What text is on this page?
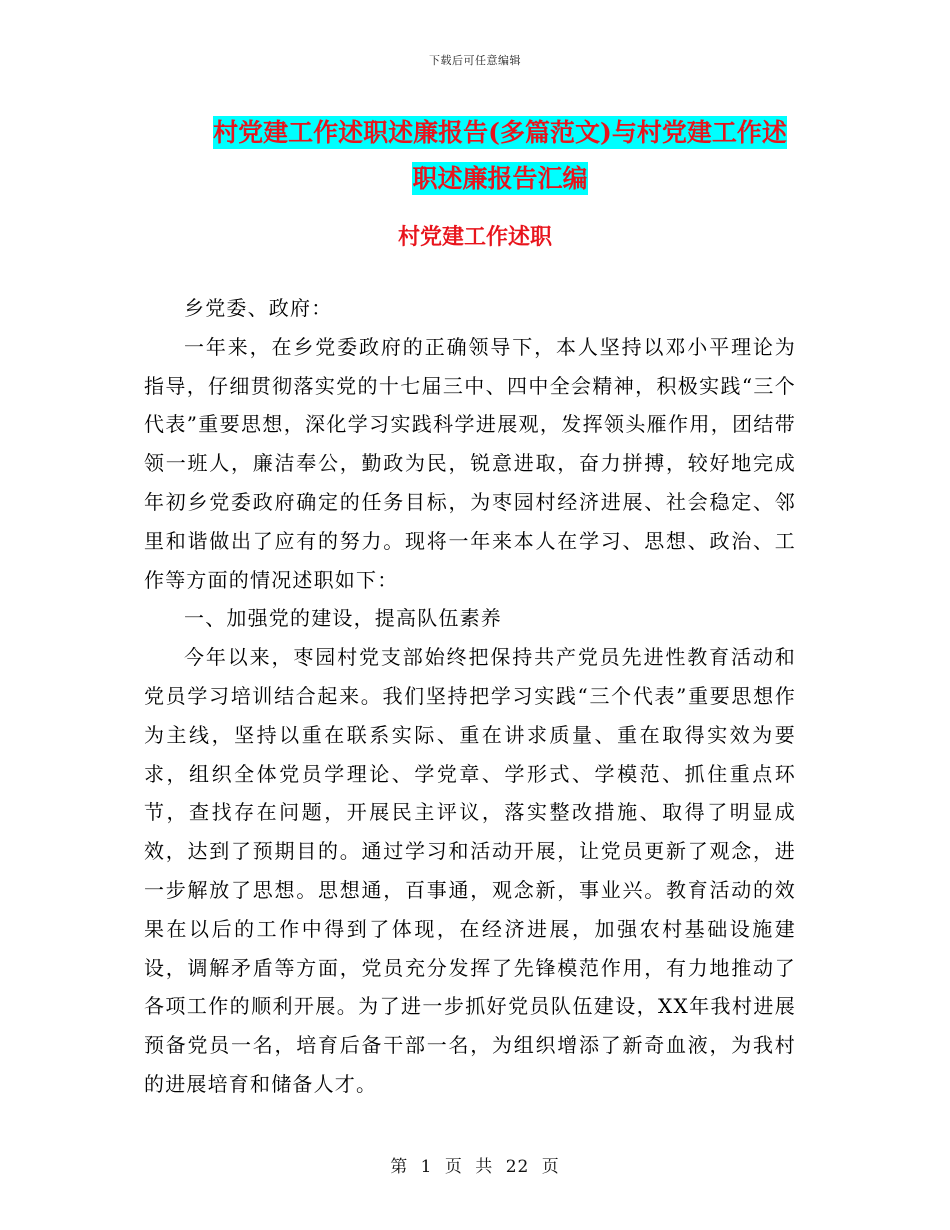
下载后可任意编辑
村党建工作述职述廉报告(多篇范文)与村党建工作述
职述廉报告汇编
村党建工作述职

乡党委、政府：

一年来，在乡党委政府的正确领导下，本人坚持以邓小平理论为指导，仔细贯彻落实党的十七届三中、四中全会精神，积极实践“三个代表”重要思想，深化学习实践科学进展观，发挥领头雁作用，团结带领一班人，廉洁奉公，勤政为民，锐意进取，奋力拼搏，较好地完成年初乡党委政府确定的任务目标，为枣园村经济进展、社会稳定、邻里和谐做出了应有的努力。现将一年来本人在学习、思想、政治、工作等方面的情况述职如下：

一、加强党的建设，提高队伍素养

今年以来，枣园村党支部始终把保持共产党员先进性教育活动和党员学习培训结合起来。我们坚持把学习实践“三个代表”重要思想作为主线，坚持以重在联系实际、重在讲求质量、重在取得实效为要求，组织全体党员学理论、学党章、学形式、学模范、抓住重点环节，查找存在问题，开展民主评议，落实整改措施、取得了明显成效，达到了预期目的。通过学习和活动开展，让党员更新了观念，进一步解放了思想。思想通，百事通，观念新，事业兴。教育活动的效果在以后的工作中得到了体现，在经济进展，加强农村基础设施建设，调解矛盾等方面，党员充分发挥了先锋模范作用，有力地推动了各项工作的顺利开展。为了进一步抓好党员队伍建设，XX年我村进展预备党员一名，培育后备干部一名，为组织增添了新奇血液，为我村的进展培育和储备人才。

第 1 页 共 22 页
